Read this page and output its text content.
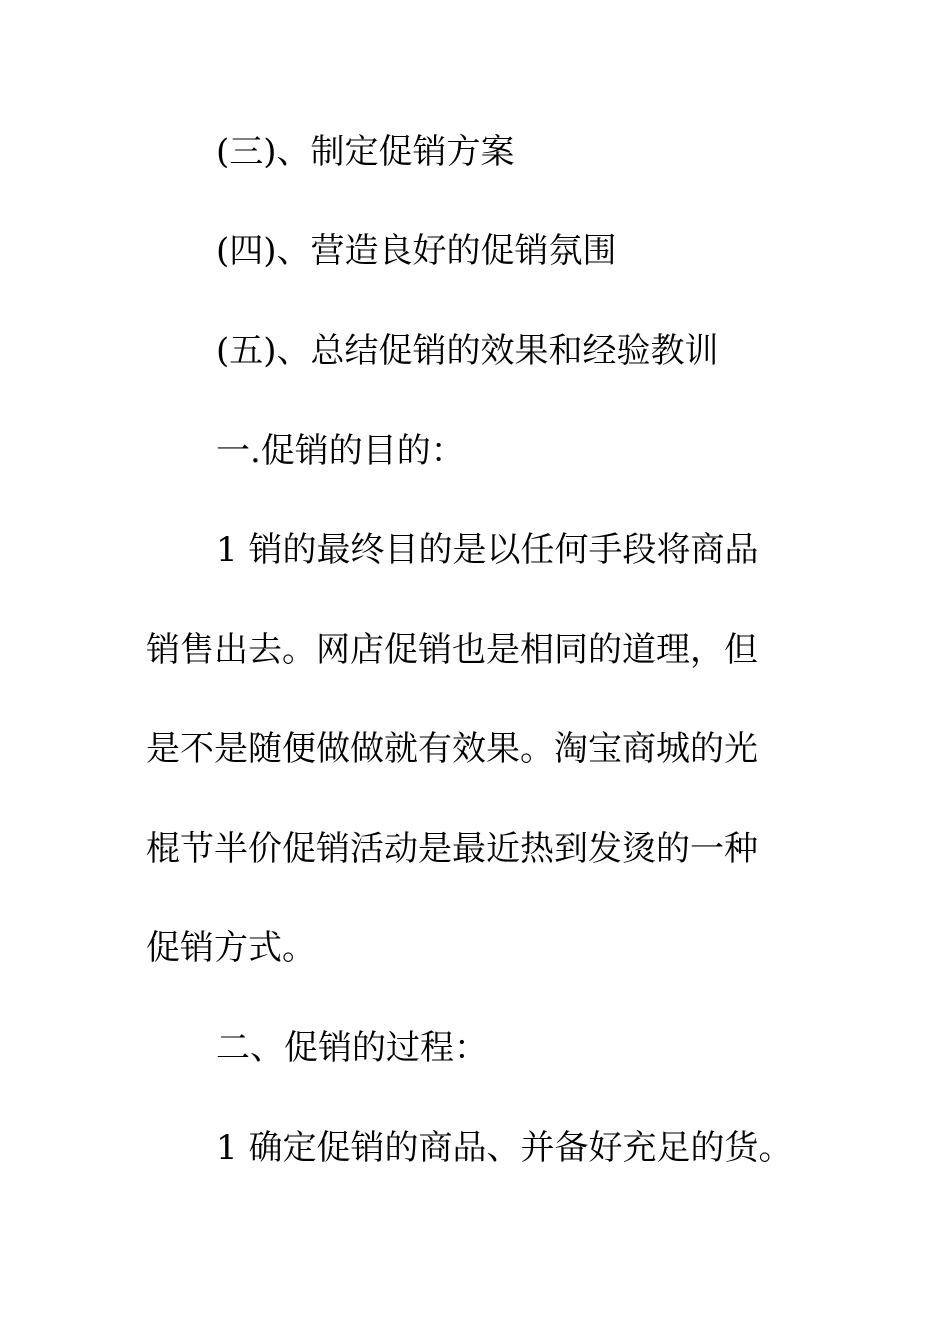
(三)、制定促销方案
(四)、营造良好的促销氛围
(五)、总结促销的效果和经验教训
一.促销的目的：
1 销的最终目的是以任何手段将商品
销售出去。网店促销也是相同的道理，但
是不是随便做做就有效果。淘宝商城的光
棍节半价促销活动是最近热到发烫的一种
促销方式。
二、促销的过程：
1 确定促销的商品、并备好充足的货。
